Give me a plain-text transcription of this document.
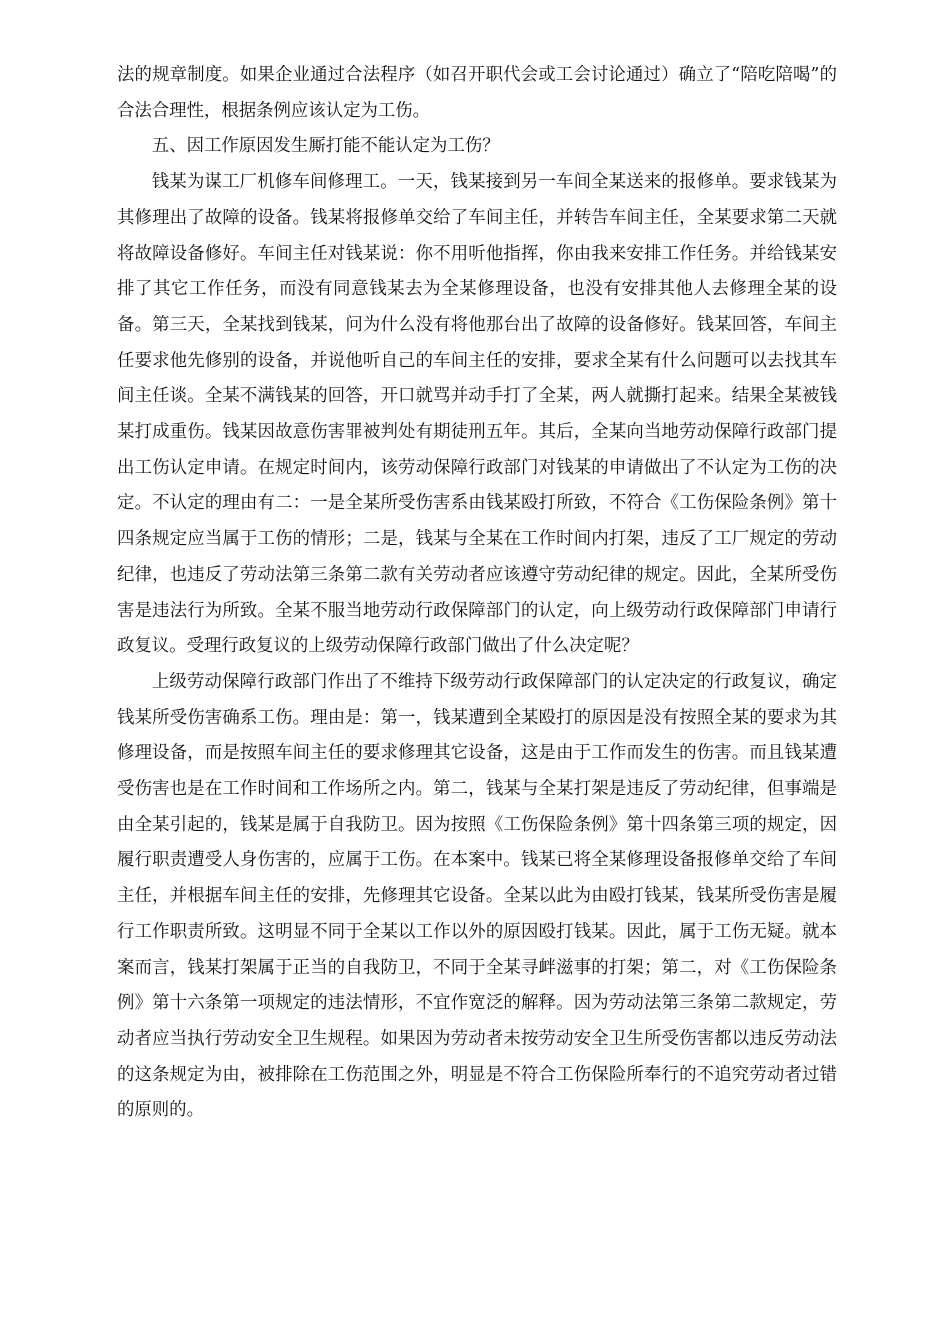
法的规章制度。如果企业通过合法程序（如召开职代会或工会讨论通过）确立了“陪吃陪喝”的合法合理性，根据条例应该认定为工伤。

五、因工作原因发生厮打能不能认定为工伤？

钱某为谋工厂机修车间修理工。一天，钱某接到另一车间全某送来的报修单。要求钱某为其修理出了故障的设备。钱某将报修单交给了车间主任，并转告车间主任，全某要求第二天就将故障设备修好。车间主任对钱某说：你不用听他指挥，你由我来安排工作任务。并给钱某安排了其它工作任务，而没有同意钱某去为全某修理设备，也没有安排其他人去修理全某的设备。第三天，全某找到钱某，问为什么没有将他那台出了故障的设备修好。钱某回答，车间主任要求他先修别的设备，并说他听自己的车间主任的安排，要求全某有什么问题可以去找其车间主任谈。全某不满钱某的回答，开口就骂并动手打了全某，两人就撕打起来。结果全某被钱某打成重伤。钱某因故意伤害罪被判处有期徒刑五年。其后，全某向当地劳动保障行政部门提出工伤认定申请。在规定时间内，该劳动保障行政部门对钱某的申请做出了不认定为工伤的决定。不认定的理由有二：一是全某所受伤害系由钱某殴打所致，不符合《工伤保险条例》第十四条规定应当属于工伤的情形；二是，钱某与全某在工作时间内打架，违反了工厂规定的劳动纪律，也违反了劳动法第三条第二款有关劳动者应该遵守劳动纪律的规定。因此，全某所受伤害是违法行为所致。全某不服当地劳动行政保障部门的认定，向上级劳动行政保障部门申请行政复议。受理行政复议的上级劳动保障行政部门做出了什么决定呢？

上级劳动保障行政部门作出了不维持下级劳动行政保障部门的认定决定的行政复议，确定钱某所受伤害确系工伤。理由是：第一，钱某遭到全某殴打的原因是没有按照全某的要求为其修理设备，而是按照车间主任的要求修理其它设备，这是由于工作而发生的伤害。而且钱某遭受伤害也是在工作时间和工作场所之内。第二，钱某与全某打架是违反了劳动纪律，但事端是由全某引起的，钱某是属于自我防卫。因为按照《工伤保险条例》第十四条第三项的规定，因履行职责遭受人身伤害的，应属于工伤。在本案中。钱某已将全某修理设备报修单交给了车间主任，并根据车间主任的安排，先修理其它设备。全某以此为由殴打钱某，钱某所受伤害是履行工作职责所致。这明显不同于全某以工作以外的原因殴打钱某。因此，属于工伤无疑。就本案而言，钱某打架属于正当的自我防卫，不同于全某寻衅滋事的打架；第二，对《工伤保险条例》第十六条第一项规定的违法情形，不宜作宽泛的解释。因为劳动法第三条第二款规定，劳动者应当执行劳动安全卫生规程。如果因为劳动者未按劳动安全卫生所受伤害都以违反劳动法的这条规定为由，被排除在工伤范围之外，明显是不符合工伤保险所奉行的不追究劳动者过错的原则的。
